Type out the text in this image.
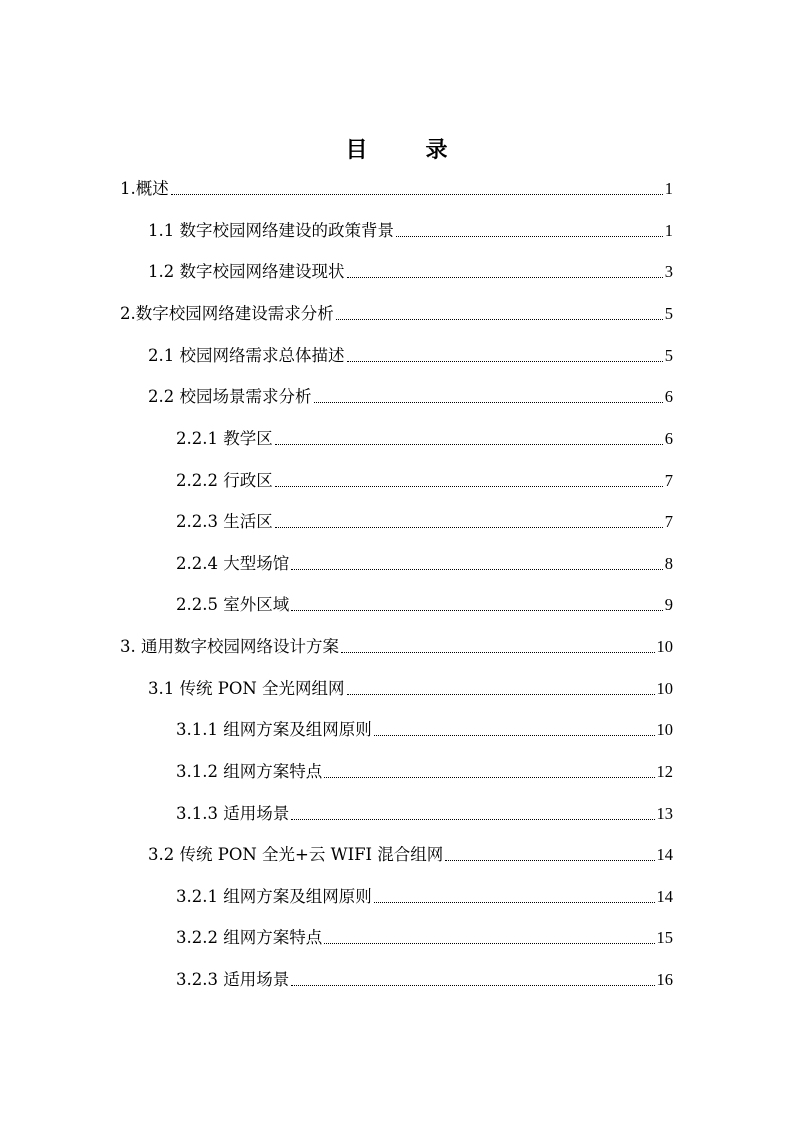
目　录
1.概述	1
1.1 数字校园网络建设的政策背景	1
1.2 数字校园网络建设现状	3
2.数字校园网络建设需求分析	5
2.1 校园网络需求总体描述	5
2.2 校园场景需求分析	6
2.2.1 教学区	6
2.2.2 行政区	7
2.2.3 生活区	7
2.2.4 大型场馆	8
2.2.5 室外区域	9
3. 通用数字校园网络设计方案	10
3.1 传统 PON 全光网组网	10
3.1.1 组网方案及组网原则	10
3.1.2 组网方案特点	12
3.1.3 适用场景	13
3.2 传统 PON 全光+云 WIFI 混合组网	14
3.2.1 组网方案及组网原则	14
3.2.2 组网方案特点	15
3.2.3 适用场景	16
